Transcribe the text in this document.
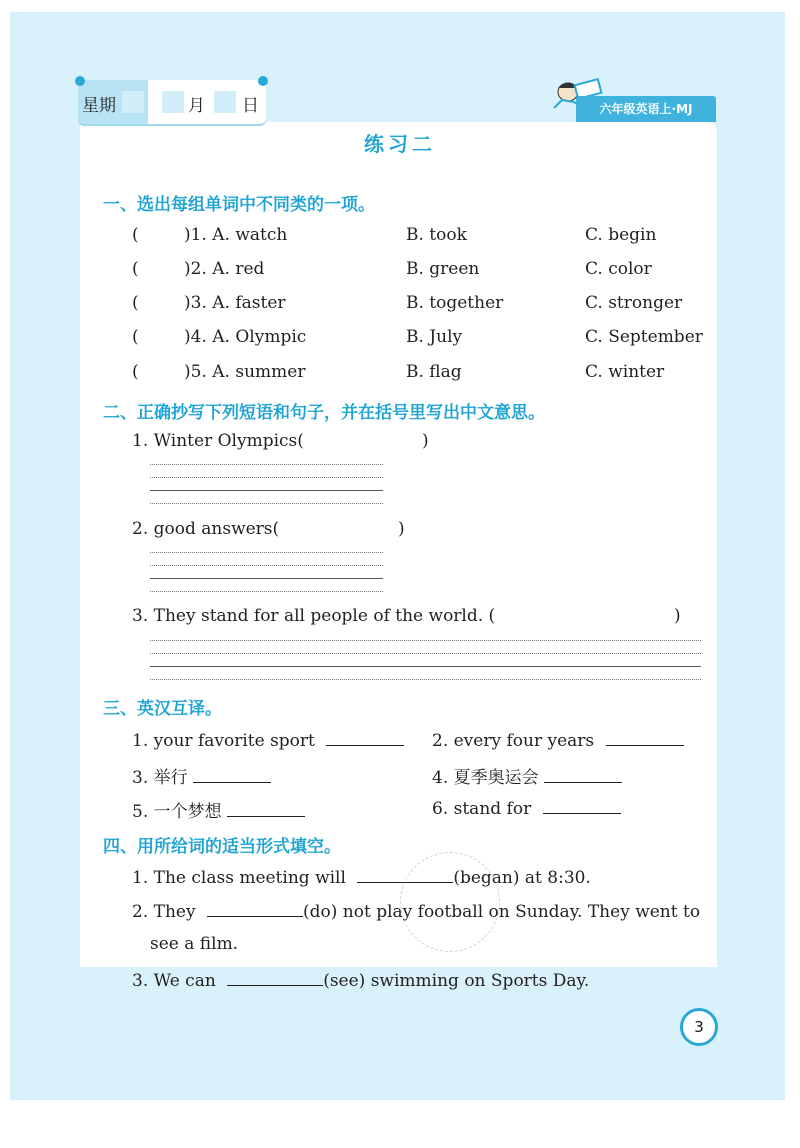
星期	月 日	六年级英语上·MJ
练习二
一、选出每组单词中不同类的一项。
(	)1. A. watch	B. took	C. begin
(	)2. A. red	B. green	C. color
(	)3. A. faster	B. together	C. stronger
(	)4. A. Olympic	B. July	C. September
(	)5. A. summer	B. flag	C. winter
二、正确抄写下列短语和句子，并在括号里写出中文意思。
1. Winter Olympics(	)
2. good answers(	)
3. They stand for all people of the world. (	)
三、英汉互译。
1. your favorite sport	2. every four years
3. 举行	4. 夏季奥运会
5. 一个梦想	6. stand for
四、用所给词的适当形式填空。
1. The class meeting will	(began) at 8:30.
2. They	(do) not play football on Sunday. They went to
see a film.
3. We can	(see) swimming on Sports Day.
3
